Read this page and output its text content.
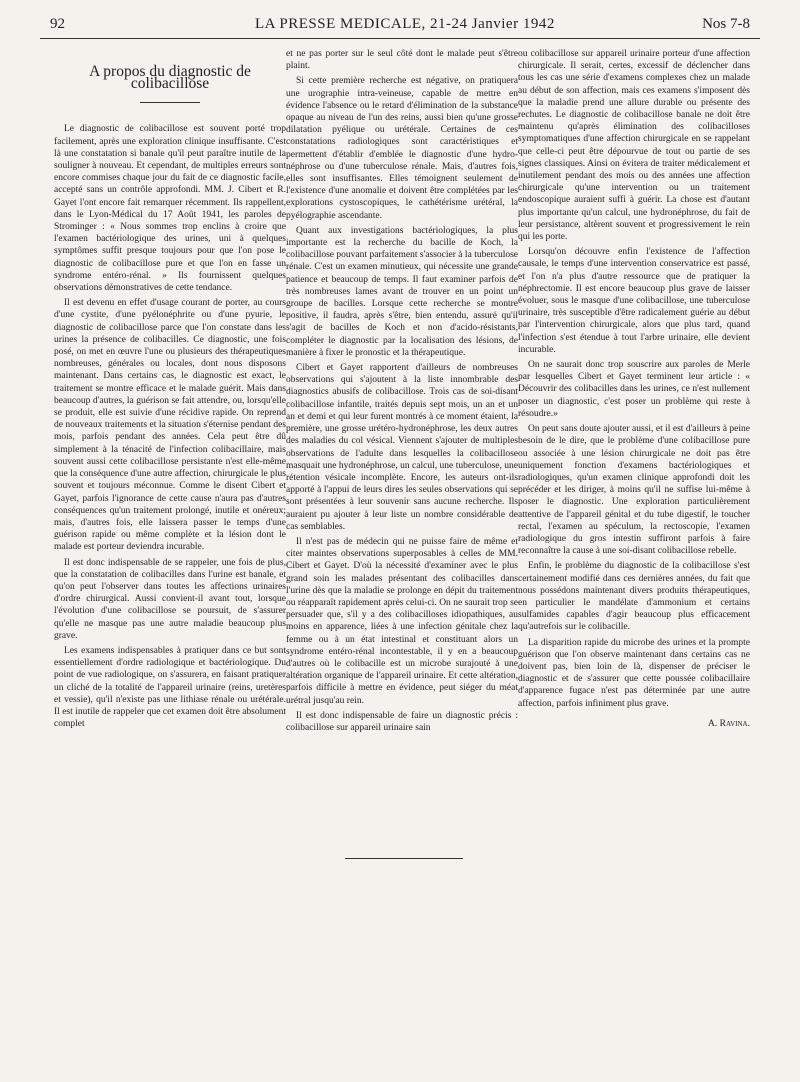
92	LA PRESSE MEDICALE, 21-24 Janvier 1942	Nos 7-8
A propos du diagnostic de colibacillose

Le diagnostic de colibacillose est souvent porté trop facilement, après une exploration clinique insuffisante. C'est là une constatation si banale qu'il peut paraître inutile de la souligner à nouveau. Et cependant, de multiples erreurs sont encore commises chaque jour du fait de ce diagnostic facile, accepté sans un contrôle approfondi. MM. J. Cibert et R. Gayet l'ont encore fait remarquer récemment. Ils rappellent, dans le Lyon-Médical du 17 Août 1941, les paroles de Strominger : « Nous sommes trop enclins à croire que l'examen bactériologique des urines, uni à quelques symptômes suffit presque toujours pour que l'on pose le diagnostic de colibacillose pure et que l'on en fasse un syndrome entéro-rénal. » Ils fournissent quelques observations démonstratives de cette tendance.

Il est devenu en effet d'usage courant de porter, au cours d'une cystite, d'une pyélonéphrite ou d'une pyurie, le diagnostic de colibacillose parce que l'on constate dans les urines la présence de colibacilles. Ce diagnostic, une fois posé, on met en œuvre l'une ou plusieurs des thérapeutiques nombreuses, générales ou locales, dont nous disposons maintenant. Dans certains cas, le diagnostic est exact, le traitement se montre efficace et le malade guérit. Mais dans beaucoup d'autres, la guérison se fait attendre, ou, lorsqu'elle se produit, elle est suivie d'une récidive rapide. On reprend de nouveaux traitements et la situation s'éternise pendant des mois, parfois pendant des années. Cela peut être dû simplement à la ténacité de l'infection colibacillaire, mais souvent aussi cette colibacillose persistante n'est elle-même que la conséquence d'une autre affection, chirurgicale le plus souvent et toujours méconnue. Comme le disent Cibert et Gayet, parfois l'ignorance de cette cause n'aura pas d'autres conséquences qu'un traitement prolongé, inutile et onéreux; mais, d'autres fois, elle laissera passer le temps d'une guérison rapide ou même complète et la lésion dont le malade est porteur deviendra incurable.

Il est donc indispensable de se rappeler, une fois de plus, que la constatation de colibacilles dans l'urine est banale, et qu'on peut l'observer dans toutes les affections urinaires d'ordre chirurgical. Aussi convient-il avant tout, lorsque l'évolution d'une colibacillose se poursuit, de s'assurer qu'elle ne masque pas une autre maladie beaucoup plus grave.

Les examens indispensables à pratiquer dans ce but sont essentiellement d'ordre radiologique et bactériologique. Du point de vue radiologique, on s'assurera, en faisant pratiquer un cliché de la totalité de l'appareil urinaire (reins, uretères et vessie), qu'il n'existe pas une lithiase rénale ou urétérale. Il est inutile de rappeler que cet examen doit être absolument complet

et ne pas porter sur le seul côté dont le malade peut s'être plaint.

Si cette première recherche est négative, on pratiquera une urographie intra-veineuse, capable de mettre en évidence l'absence ou le retard d'élimination de la substance opaque au niveau de l'un des reins, aussi bien qu'une grosse dilatation pyélique ou urétérale. Certaines de ces constatations radiologiques sont caractéristiques et permettent d'établir d'emblée le diagnostic d'une hydro-néphrose ou d'une tuberculose rénale. Mais, d'autres fois, elles sont insuffisantes. Elles témoignent seulement de l'existence d'une anomalie et doivent être complétées par les explorations cystoscopiques, le cathétérisme urétéral, la pyélographie ascendante.

Quant aux investigations bactériologiques, la plus importante est la recherche du bacille de Koch, la colibacillose pouvant parfaitement s'associer à la tuberculose rénale. C'est un examen minutieux, qui nécessite une grande patience et beaucoup de temps. Il faut examiner parfois de très nombreuses lames avant de trouver en un point un groupe de bacilles. Lorsque cette recherche se montre positive, il faudra, après s'être, bien entendu, assuré qu'il s'agit de bacilles de Koch et non d'acido-résistants, compléter le diagnostic par la localisation des lésions, de manière à fixer le pronostic et la thérapeutique.

Cibert et Gayet rapportent d'ailleurs de nombreuses observations qui s'ajoutent à la liste innombrable des diagnostics abusifs de colibacillose. Trois cas de soi-disant colibacillose infantile, traités depuis sept mois, un an et un an et demi et qui leur furent montrés à ce moment étaient, la première, une grosse urétéro-hydronéphrose, les deux autres des maladies du col vésical. Viennent s'ajouter de multiples observations de l'adulte dans lesquelles la colibacillose masquait une hydronéphrose, un calcul, une tuberculose, une rétention vésicale incomplète. Encore, les auteurs ont-ils apporté à l'appui de leurs dires les seules observations qui se sont présentées à leur souvenir sans aucune recherche. Ils auraient pu ajouter à leur liste un nombre considérable de cas semblables.

Il n'est pas de médecin qui ne puisse faire de même et citer maintes observations superposables à celles de MM. Cibert et Gayet. D'où la nécessité d'examiner avec le plus grand soin les malades présentant des colibacilles dans l'urine dès que la maladie se prolonge en dépit du traitement ou réapparaît rapidement après celui-ci. On ne saurait trop se persuader que, s'il y a des colibacilloses idiopathiques, au moins en apparence, liées à une infection génitale chez la femme ou à un état intestinal et constituant alors un syndrome entéro-rénal incontestable, il y en a beaucoup d'autres où le colibacille est un microbe surajouté à une altération organique de l'appareil urinaire. Et cette altération, parfois difficile à mettre en évidence, peut siéger du méat urétral jusqu'au rein.

Il est donc indispensable de faire un diagnostic précis : colibacillose sur appareil urinaire sain

ou colibacillose sur appareil urinaire porteur d'une affection chirurgicale. Il serait, certes, excessif de déclencher dans tous les cas une série d'examens complexes chez un malade au début de son affection, mais ces examens s'imposent dès que la maladie prend une allure durable ou présente des rechutes. Le diagnostic de colibacillose banale ne doit être maintenu qu'après élimination des colibacilloses symptomatiques d'une affection chirurgicale en se rappelant que celle-ci peut être dépourvue de tout ou partie de ses signes classiques. Ainsi on évitera de traiter médicalement et inutilement pendant des mois ou des années une affection chirurgicale qu'une intervention ou un traitement endoscopique auraient suffi à guérir. La chose est d'autant plus importante qu'un calcul, une hydronéphrose, du fait de leur persistance, altèrent souvent et progressivement le rein qui les porte.

Lorsqu'on découvre enfin l'existence de l'affection causale, le temps d'une intervention conservatrice est passé, et l'on n'a plus d'autre ressource que de pratiquer la néphrectomie. Il est encore beaucoup plus grave de laisser évoluer, sous le masque d'une colibacillose, une tuberculose urinaire, très susceptible d'être radicalement guérie au début par l'intervention chirurgicale, alors que plus tard, quand l'infection s'est étendue à tout l'arbre urinaire, elle devient incurable.

On ne saurait donc trop souscrire aux paroles de Merle par lesquelles Cibert et Gayet terminent leur article : « Découvrir des colibacilles dans les urines, ce n'est nullement poser un diagnostic, c'est poser un problème qui reste à résoudre.»

On peut sans doute ajouter aussi, et il est d'ailleurs à peine besoin de le dire, que le problème d'une colibacillose pure ou associée à une lésion chirurgicale ne doit pas être uniquement fonction d'examens bactériologiques et radiologiques, qu'un examen clinique approfondi doit les précéder et les diriger, à moins qu'il ne suffise lui-même à poser le diagnostic. Une exploration particulièrement attentive de l'appareil génital et du tube digestif, le toucher rectal, l'examen au spéculum, la rectoscopie, l'examen radiologique du gros intestin suffiront parfois à faire reconnaître la cause à une soi-disant colibacillose rebelle.

Enfin, le problème du diagnostic de la colibacillose s'est certainement modifié dans ces dernières années, du fait que nous possédons maintenant divers produits thérapeutiques, en particulier le mandélate d'ammonium et certains sulfamides capables d'agir beaucoup plus efficacement qu'autrefois sur le colibacille.

La disparition rapide du microbe des urines et la prompte guérison que l'on observe maintenant dans certains cas ne doivent pas, bien loin de là, dispenser de préciser le diagnostic et de s'assurer que cette poussée colibacillaire d'apparence fugace n'est pas déterminée par une autre affection, parfois infiniment plus grave.

A. Ravina.
